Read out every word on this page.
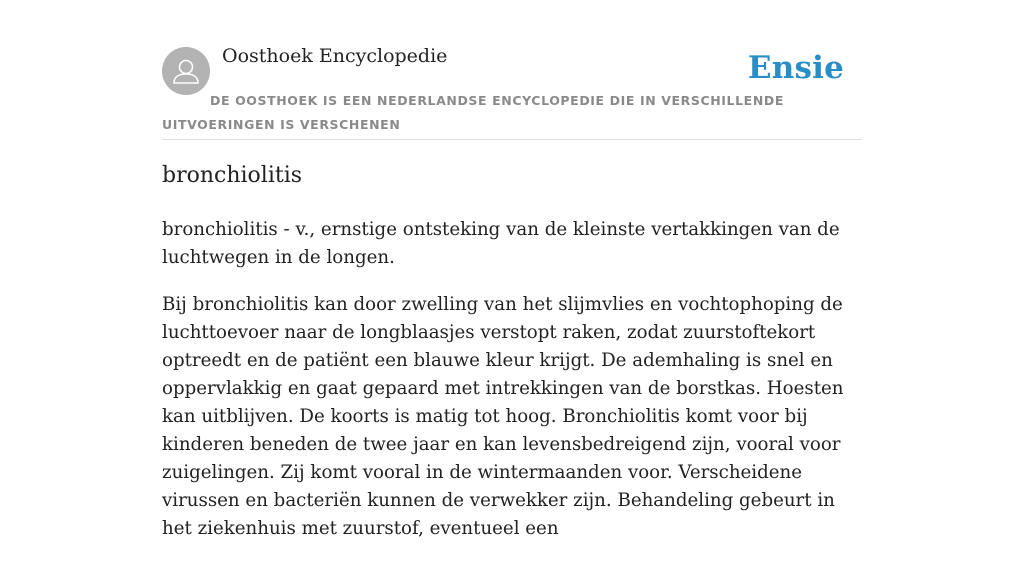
Oosthoek Encyclopedie	Ensie
DE OOSTHOEK IS EEN NEDERLANDSE ENCYCLOPEDIE DIE IN VERSCHILLENDE UITVOERINGEN IS VERSCHENEN
bronchiolitis

bronchiolitis - v., ernstige ontsteking van de kleinste vertakkingen van de luchtwegen in de longen.

Bij bronchiolitis kan door zwelling van het slijmvlies en vochtophoping de luchttoevoer naar de longblaasjes verstopt raken, zodat zuurstoftekort optreedt en de patiënt een blauwe kleur krijgt. De ademhaling is snel en oppervlakkig en gaat gepaard met intrekkingen van de borstkas. Hoesten kan uitblijven. De koorts is matig tot hoog. Bronchiolitis komt voor bij kinderen beneden de twee jaar en kan levensbedreigend zijn, vooral voor zuigelingen. Zij komt vooral in de wintermaanden voor. Verscheidene virussen en bacteriën kunnen de verwekker zijn. Behandeling gebeurt in het ziekenhuis met zuurstof, eventueel een
